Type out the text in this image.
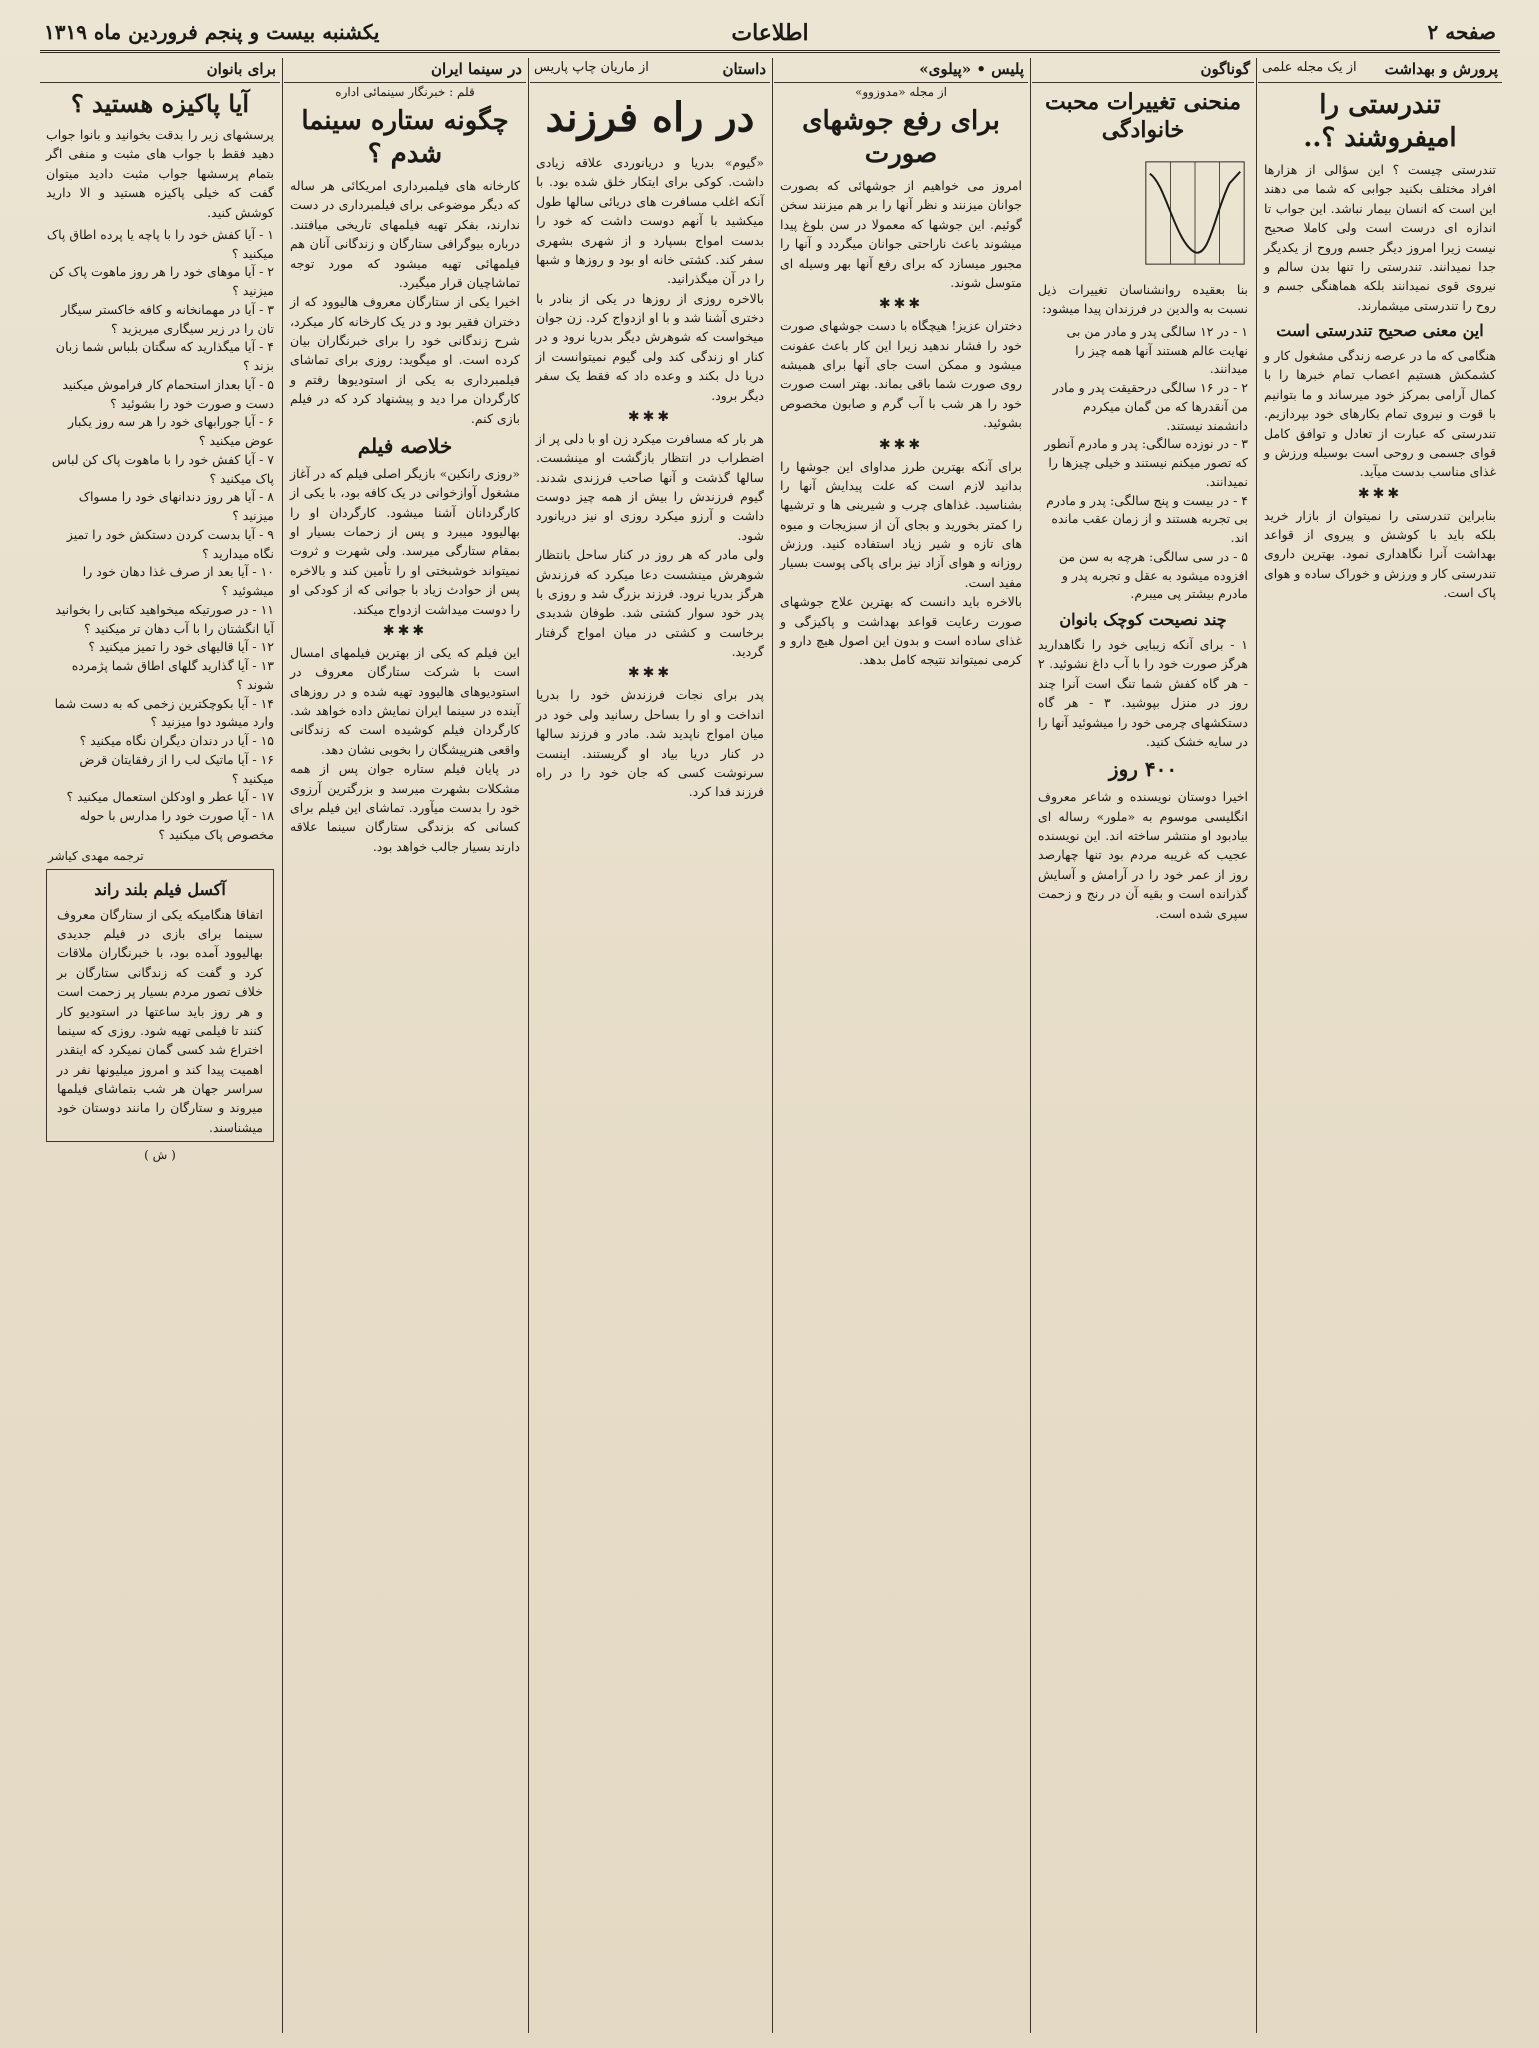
صفحه ۲
اطلاعات
یکشنبه بیست و پنجم فروردین ماه ۱۳۱۹
پرورش و بهداشت
از یک مجله علمی
تندرستی را امیفروشند ؟..
تندرستی چیست ؟ این سؤالی از هزارها افراد مختلف بکنید جوابی که شما می دهند این است که انسان بیمار نباشد. این جواب تا اندازه ای درست است ولی کاملا صحیح نیست زیرا امروز دیگر جسم وروح از یکدیگر جدا نمیدانند. تندرستی را تنها بدن سالم و نیروی قوی نمیدانند بلکه هماهنگی جسم و روح را تندرستی میشمارند.
این معنی صحیح تندرستی است
هنگامی که ما در عرصه زندگی مشغول کار و کشمکش هستیم اعصاب تمام خبرها را با کمال آرامی بمرکز خود میرساند و ما بتوانیم با قوت و نیروی تمام بکارهای خود بپردازیم. تندرستی که عبارت از تعادل و توافق کامل قوای جسمی و روحی است بوسیله ورزش و غذای مناسب بدست میآید.
✱✱✱
بنابراین تندرستی را نمیتوان از بازار خرید بلکه باید با کوشش و پیروی از قواعد بهداشت آنرا نگاهداری نمود. بهترین داروی تندرستی کار و ورزش و خوراک ساده و هوای پاک است.
گوناگون
منحنی تغییرات محبت خانوادگی
بنا بعقیده روانشناسان تغییرات ذیل نسبت به والدین در فرزندان پیدا میشود:
۱ - در ۱۲ سالگی پدر و مادر من بی نهایت عالم هستند آنها همه چیز را میدانند.
۲ - در ۱۶ سالگی درحقیقت پدر و مادر من آنقدرها که من گمان میکردم دانشمند نیستند.
۳ - در نوزده سالگی: پدر و مادرم آنطور که تصور میکنم نیستند و خیلی چیزها را نمیدانند.
۴ - در بیست و پنج سالگی: پدر و مادرم بی تجربه هستند و از زمان عقب مانده اند.
۵ - در سی سالگی: هرچه به سن من افزوده میشود به عقل و تجربه پدر و مادرم بیشتر پی میبرم.
چند نصیحت کوچک بانوان
۱ - برای آنکه زیبایی خود را نگاهدارید هرگز صورت خود را با آب داغ نشوئید. ۲ - هر گاه کفش شما تنگ است آنرا چند روز در منزل بپوشید. ۳ - هر گاه دستکشهای چرمی خود را میشوئید آنها را در سایه خشک کنید.
۴۰۰ روز
اخیرا دوستان نویسنده و شاعر معروف انگلیسی موسوم به «ملور» رساله ای بیادبود او منتشر ساخته اند. این نویسنده عجیب که غریبه مردم بود تنها چهارصد روز از عمر خود را در آرامش و آسایش گذرانده است و بقیه آن در رنج و زحمت سپری شده است.
پلیس • «پیلوی»
از مجله «مدوزوو»
برای رفع جوشهای صورت
امروز می خواهیم از جوشهائی که بصورت جوانان میزنند و نظر آنها را بر هم میزنند سخن گوئیم. این جوشها که معمولا در سن بلوغ پیدا میشوند باعث ناراحتی جوانان میگردد و آنها را مجبور میسازد که برای رفع آنها بهر وسیله ای متوسل شوند.
✱✱✱
دختران عزیز! هیچگاه با دست جوشهای صورت خود را فشار ندهید زیرا این کار باعث عفونت میشود و ممکن است جای آنها برای همیشه روی صورت شما باقی بماند. بهتر است صورت خود را هر شب با آب گرم و صابون مخصوص بشوئید.
✱✱✱
برای آنکه بهترین طرز مداوای این جوشها را بدانید لازم است که علت پیدایش آنها را بشناسید. غذاهای چرب و شیرینی ها و ترشیها را کمتر بخورید و بجای آن از سبزیجات و میوه های تازه و شیر زیاد استفاده کنید. ورزش روزانه و هوای آزاد نیز برای پاکی پوست بسیار مفید است.
بالاخره باید دانست که بهترین علاج جوشهای صورت رعایت قواعد بهداشت و پاکیزگی و غذای ساده است و بدون این اصول هیچ دارو و کرمی نمیتواند نتیجه کامل بدهد.
داستان
از ماریان چاپ پاریس
در راه فرزند
«گیوم» بدریا و دریانوردی علاقه زیادی داشت. کوکی برای ایتکار خلق شده بود. با آنکه اغلب مسافرت های دریائی سالها طول میکشید با آنهم دوست داشت که خود را بدست امواج بسپارد و از شهری بشهری سفر کند. کشتی خانه او بود و روزها و شبها را در آن میگذرانید.
بالاخره روزی از روزها در یکی از بنادر با دختری آشنا شد و با او ازدواج کرد. زن جوان میخواست که شوهرش دیگر بدریا نرود و در کنار او زندگی کند ولی گیوم نمیتوانست از دریا دل بکند و وعده داد که فقط یک سفر دیگر برود.
✱✱✱
هر بار که مسافرت میکرد زن او با دلی پر از اضطراب در انتظار بازگشت او مینشست. سالها گذشت و آنها صاحب فرزندی شدند. گیوم فرزندش را بیش از همه چیز دوست داشت و آرزو میکرد روزی او نیز دریانورد شود.
ولی مادر که هر روز در کنار ساحل بانتظار شوهرش مینشست دعا میکرد که فرزندش هرگز بدریا نرود. فرزند بزرگ شد و روزی با پدر خود سوار کشتی شد. طوفان شدیدی برخاست و کشتی در میان امواج گرفتار گردید.
✱✱✱
پدر برای نجات فرزندش خود را بدریا انداخت و او را بساحل رسانید ولی خود در میان امواج ناپدید شد. مادر و فرزند سالها در کنار دریا بیاد او گریستند. اینست سرنوشت کسی که جان خود را در راه فرزند فدا کرد.
در سینما ایران
قلم : خبرنگار سینمائی اداره
چگونه ستاره سینما شدم ؟
کارخانه های فیلمبرداری امریکائی هر ساله که دیگر موضوعی برای فیلمبرداری در دست ندارند، بفکر تهیه فیلمهای تاریخی میافتند. درباره بیوگرافی ستارگان و زندگانی آنان هم فیلمهائی تهیه میشود که مورد توجه تماشاچیان قرار میگیرد.
اخیرا یکی از ستارگان معروف هالیوود که از دختران فقیر بود و در یک کارخانه کار میکرد، شرح زندگانی خود را برای خبرنگاران بیان کرده است. او میگوید: روزی برای تماشای فیلمبرداری به یکی از استودیوها رفتم و کارگردان مرا دید و پیشنهاد کرد که در فیلم بازی کنم.
خلاصه فیلم
«روزی رانکین» بازیگر اصلی فیلم که در آغاز مشغول آوازخوانی در یک کافه بود، با یکی از کارگردانان آشنا میشود. کارگردان او را بهالیوود میبرد و پس از زحمات بسیار او بمقام ستارگی میرسد. ولی شهرت و ثروت نمیتواند خوشبختی او را تأمین کند و بالاخره پس از حوادث زیاد با جوانی که از کودکی او را دوست میداشت ازدواج میکند.
✱✱✱
این فیلم که یکی از بهترین فیلمهای امسال است با شرکت ستارگان معروف در استودیوهای هالیوود تهیه شده و در روزهای آینده در سینما ایران نمایش داده خواهد شد. کارگردان فیلم کوشیده است که زندگانی واقعی هنرپیشگان را بخوبی نشان دهد.
در پایان فیلم ستاره جوان پس از همه مشکلات بشهرت میرسد و بزرگترین آرزوی خود را بدست میآورد. تماشای این فیلم برای کسانی که بزندگی ستارگان سینما علاقه دارند بسیار جالب خواهد بود.
برای بانوان
آیا پاکیزه هستید ؟
پرسشهای زیر را بدقت بخوانید و بانوا جواب دهید فقط با جواب های مثبت و منفی اگر بتمام پرسشها جواب مثبت دادید میتوان گفت که خیلی پاکیزه هستید و الا دارید کوشش کنید.
۱ - آیا کفش خود را با پاچه یا پرده اطاق پاک میکنید ؟
۲ - آیا موهای خود را هر روز ماهوت پاک کن میزنید ؟
۳ - آیا در مهمانخانه و کافه خاکستر سیگار تان را در زیر سیگاری میریزید ؟
۴ - آیا میگذارید که سگتان بلباس شما زبان بزند ؟
۵ - آیا بعداز استحمام کار فراموش میکنید دست و صورت خود را بشوئید ؟
۶ - آیا جورابهای خود را هر سه روز یکبار عوض میکنید ؟
۷ - آیا کفش خود را با ماهوت پاک کن لباس پاک میکنید ؟
۸ - آیا هر روز دندانهای خود را مسواک میزنید ؟
۹ - آیا بدست کردن دستکش خود را تمیز نگاه میدارید ؟
۱۰ - آیا بعد از صرف غذا دهان خود را میشوئید ؟
۱۱ - در صورتیکه میخواهید کتابی را بخوانید آیا انگشتان را با آب دهان تر میکنید ؟
۱۲ - آیا قالیهای خود را تمیز میکنید ؟
۱۳ - آیا گذارید گلهای اطاق شما پژمرده شوند ؟
۱۴ - آیا بکوچکترین زخمی که به دست شما وارد میشود دوا میزنید ؟
۱۵ - آیا در دندان دیگران نگاه میکنید ؟
۱۶ - آیا ماتیک لب را از رفقایتان قرض میکنید ؟
۱۷ - آیا عطر و اودکلن استعمال میکنید ؟
۱۸ - آیا صورت خود را مدارس با حوله مخصوص پاک میکنید ؟
ترجمه مهدی کیاشر
آکسل فیلم بلند راند
اتفاقا هنگامیکه یکی از ستارگان معروف سینما برای بازی در فیلم جدیدی بهالیوود آمده بود، با خبرنگاران ملاقات کرد و گفت که زندگانی ستارگان بر خلاف تصور مردم بسیار پر زحمت است و هر روز باید ساعتها در استودیو کار کنند تا فیلمی تهیه شود. روزی که سینما اختراع شد کسی گمان نمیکرد که اینقدر اهمیت پیدا کند و امروز میلیونها نفر در سراسر جهان هر شب بتماشای فیلمها میروند و ستارگان را مانند دوستان خود میشناسند.
( ش )
